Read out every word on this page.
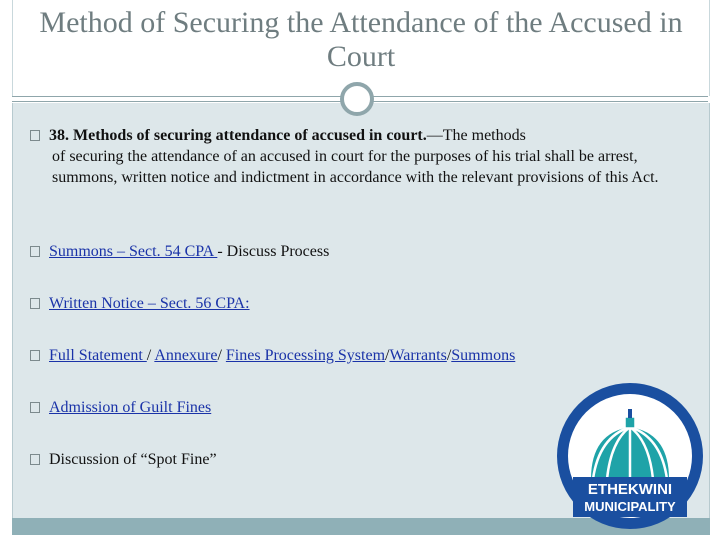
Method of Securing the Attendance of the Accused in Court
38. Methods of securing attendance of accused in court.—The methods
of securing the attendance of an accused in court for the purposes of his trial shall be arrest, summons, written notice and indictment in accordance with the relevant provisions of this Act.
Summons – Sect. 54 CPA - Discuss Process
Written Notice – Sect. 56 CPA:
Full Statement / Annexure/ Fines Processing System/Warrants/Summons
Admission of Guilt Fines
Discussion of “Spot Fine”
ETHEKWINI
MUNICIPALITY
